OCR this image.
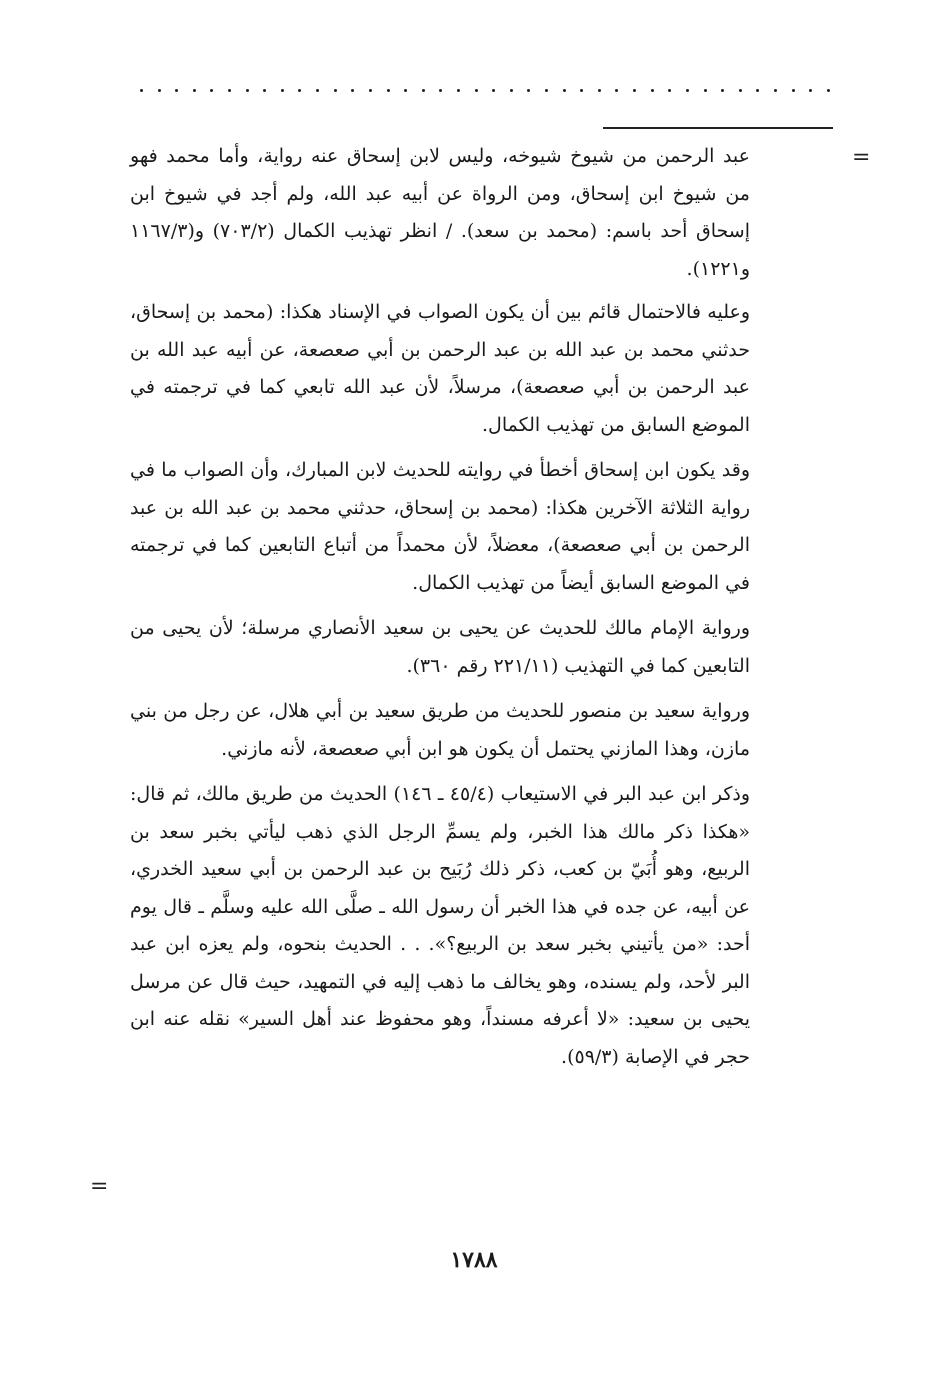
=

عبد الرحمن من شيوخ شيوخه، وليس لابن إسحاق عنه رواية، وأما محمد فهو من شيوخ ابن إسحاق، ومن الرواة عن أبيه عبد الله، ولم أجد في شيوخ ابن إسحاق أحد باسم: (محمد بن سعد). / انظر تهذيب الكمال (٧٠٣/٢) و(١١٦٧/٣ و١٢٢١).

وعليه فالاحتمال قائم بين أن يكون الصواب في الإسناد هكذا: (محمد بن إسحاق، حدثني محمد بن عبد الله بن عبد الرحمن بن أبي صعصعة، عن أبيه عبد الله بن عبد الرحمن بن أبي صعصعة)، مرسلاً، لأن عبد الله تابعي كما في ترجمته في الموضع السابق من تهذيب الكمال.

وقد يكون ابن إسحاق أخطأ في روايته للحديث لابن المبارك، وأن الصواب ما في رواية الثلاثة الآخرين هكذا: (محمد بن إسحاق، حدثني محمد بن عبد الله بن عبد الرحمن بن أبي صعصعة)، معضلاً، لأن محمداً من أتباع التابعين كما في ترجمته في الموضع السابق أيضاً من تهذيب الكمال.

ورواية الإمام مالك للحديث عن يحيى بن سعيد الأنصاري مرسلة؛ لأن يحيى من التابعين كما في التهذيب (٢٢١/١١ رقم ٣٦٠).

ورواية سعيد بن منصور للحديث من طريق سعيد بن أبي هلال، عن رجل من بني مازن، وهذا المازني يحتمل أن يكون هو ابن أبي صعصعة، لأنه مازني.

وذكر ابن عبد البر في الاستيعاب (٤٥/٤ ـ ١٤٦) الحديث من طريق مالك، ثم قال: «هكذا ذكر مالك هذا الخبر، ولم يسمِّ الرجل الذي ذهب ليأتي بخبر سعد بن الربيع، وهو أُبَيّ بن كعب، ذكر ذلك رُبَيح بن عبد الرحمن بن أبي سعيد الخدري، عن أبيه، عن جده في هذا الخبر أن رسول الله ـ صلَّى الله عليه وسلَّم ـ قال يوم أحد: «من يأتيني بخبر سعد بن الربيع؟». . . الحديث بنحوه، ولم يعزه ابن عبد البر لأحد، ولم يسنده، وهو يخالف ما ذهب إليه في التمهيد، حيث قال عن مرسل يحيى بن سعيد: «لا أعرفه مسنداً، وهو محفوظ عند أهل السير» نقله عنه ابن حجر في الإصابة (٥٩/٣).

=
١٧٨٨
